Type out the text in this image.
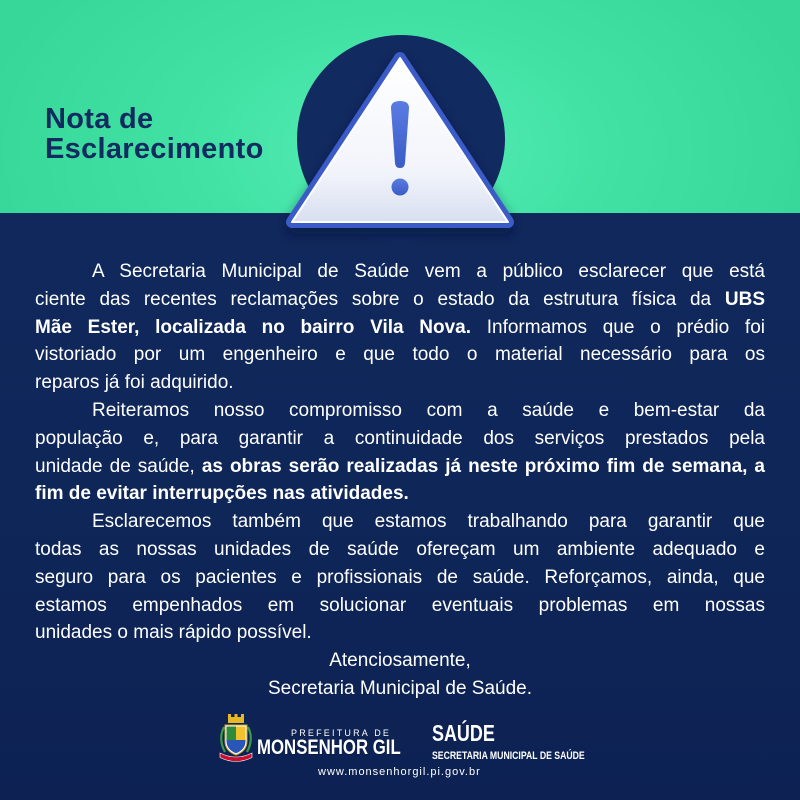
Nota de
Esclarecimento

A Secretaria Municipal de Saúde vem a público esclarecer que está

ciente das recentes reclamações sobre o estado da estrutura física da UBS

Mãe Ester, localizada no bairro Vila Nova. Informamos que o prédio foi

vistoriado por um engenheiro e que todo o material necessário para os

reparos já foi adquirido.

Reiteramos nosso compromisso com a saúde e bem-estar da

população e, para garantir a continuidade dos serviços prestados pela

unidade de saúde, as obras serão realizadas já neste próximo fim de semana, a

fim de evitar interrupções nas atividades.

Esclarecemos também que estamos trabalhando para garantir que

todas as nossas unidades de saúde ofereçam um ambiente adequado e

seguro para os pacientes e profissionais de saúde. Reforçamos, ainda, que

estamos empenhados em solucionar eventuais problemas em nossas

unidades o mais rápido possível.

Atenciosamente,

Secretaria Municipal de Saúde.

PREFEITURA DE
MONSENHOR GIL
www.monsenhorgil.pi.gov.br
SAÚDE
SECRETARIA MUNICIPAL DE SAÚDE
